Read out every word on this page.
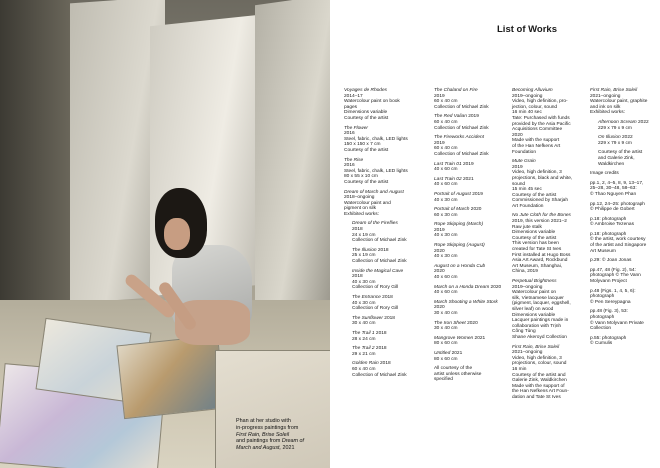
Phan at her studio with
in-progress paintings from
First Rain, Brise Soleil
and paintings from Dream of
March and August, 2021
List of Works
Voyages de Rhodes
2014–17
Watercolour paint on book
pages
Dimensions variable
Courtesy of the artist
The Flower
2016
Steel, fabric, chalk, LED lights
150 x 150 x 7 cm
Courtesy of the artist
The Rise
2016
Steel, fabric, chalk, LED lights
80 x 55 x 10 cm
Courtesy of the artist
Dream of March and August
2018–ongoing
Watercolour paint and
pigment on silk
Exhibited works:
Dream of the Fireflies
2018
24 x 19 cm
Collection of Michael Zink
The Illusion 2018
25 x 19 cm
Collection of Michael Zink
Inside the Magical Cave
2018
40 x 30 cm
Collection of Rory Gill
The Entrance 2018
40 x 30 cm
Collection of Rory Gill
The Sunflower 2018
30 x 40 cm
The Trail 1 2018
28 x 24 cm
The Trail 2 2018
29 x 21 cm
Golden Rain 2018
60 x 40 cm
Collection of Michael Zink
The Chaland on Fire
2019
60 x 40 cm
Collection of Michael Zink
The Red Valian 2019
60 x 40 cm
Collection of Michael Zink
The Fireworks Accident
2019
60 x 40 cm
Collection of Michael Zink
Last Train 01 2019
40 x 60 cm
Last Train 02 2021
40 x 60 cm
Portrait of August 2019
40 x 30 cm
Portrait of March 2020
60 x 30 cm
Rope Skipping (March)
2019
40 x 30 cm
Rope Skipping (August)
2020
40 x 30 cm
August on a Honda Cub
2020
40 x 60 cm
March on a Honda Dream 2020
40 x 60 cm
March Shooting a White Stork 2020
30 x 40 cm
The Iron Sheet 2020
30 x 40 cm
Mangrove Women 2021
80 x 60 cm
Untitled 2021
80 x 60 cm
All courtesy of the
artist unless otherwise
specified
Becoming Alluvium
2019–ongoing
Video, high definition, pro-
jection, colour, sound
16 min 40 sec
Tate: Purchased with funds
provided by the Asia Pacific
Acquisitions Committee
2020
Made with the support
of the Han Nefkens Art
Foundation
Mute Grain
2019
Video, high definition, 3
projections, black and white,
sound
15 min 45 sec
Courtesy of the artist
Commissioned by Sharjah
Art Foundation
No Jute Cloth for the Bones
2019, this version 2021–2
Raw jute stalk
Dimensions variable
Courtesy of the artist
This version has been
created for Tate St Ives
First installed at Hugo Boss
Asia Art Award, Rockbund
Art Museum, Shanghai,
China, 2019
Perpetual Brightness
2019–ongoing
Watercolour paint on
silk, Vietnamese lacquer
(pigment, lacquer, eggshell,
silver leaf) on wood
Dimensions variable
Lacquer paintings made in
collaboration with Trịnh
Công Tùng
Shane Akeroyd Collection
First Rain, Brise Soleil
2021–ongoing
Video, high definition, 3
projections, colour, sound
16 min
Courtesy of the artist and
Galerie Zink, Waldkirchen
Made with the support of
the Han Nefkens Art Foun-
dation and Tate St Ives
First Rain, Brise Soleil
2021–ongoing
Watercolour paint, graphite
and ink on silk
Exhibited works:
Afternoon Scream 2022
229 x 79 x 9 cm
On Illusion 2022
229 x 79 x 9 cm
Courtesy of the artist
and Galerie Zink,
Waldkirchen
Image credits
pp.1, 2, 4–5, 8, 9, 13–17,
25–28, 30–48, 58–63:
© Thao Nguyen Phan
pp.12, 24–25: photograph
© Philippe de Gobert
p.18: photograph
© Ambroise Tezenas
p.18: photograph
© the artist, work courtesy
of the artist and Singapore
Art Museum
p.29: © Joan Jonas
pp.47, 48 (Fig. 2), 54:
photograph © The Vann
Molyvann Project
p.48 (Figs. 1, 4, 5, 6):
photograph
© Pen Sereypagna
pp.48 (Fig. 3), 53:
photograph
© Vann Molyvann Private
Collection
p.55: photograph
© Cumulis
